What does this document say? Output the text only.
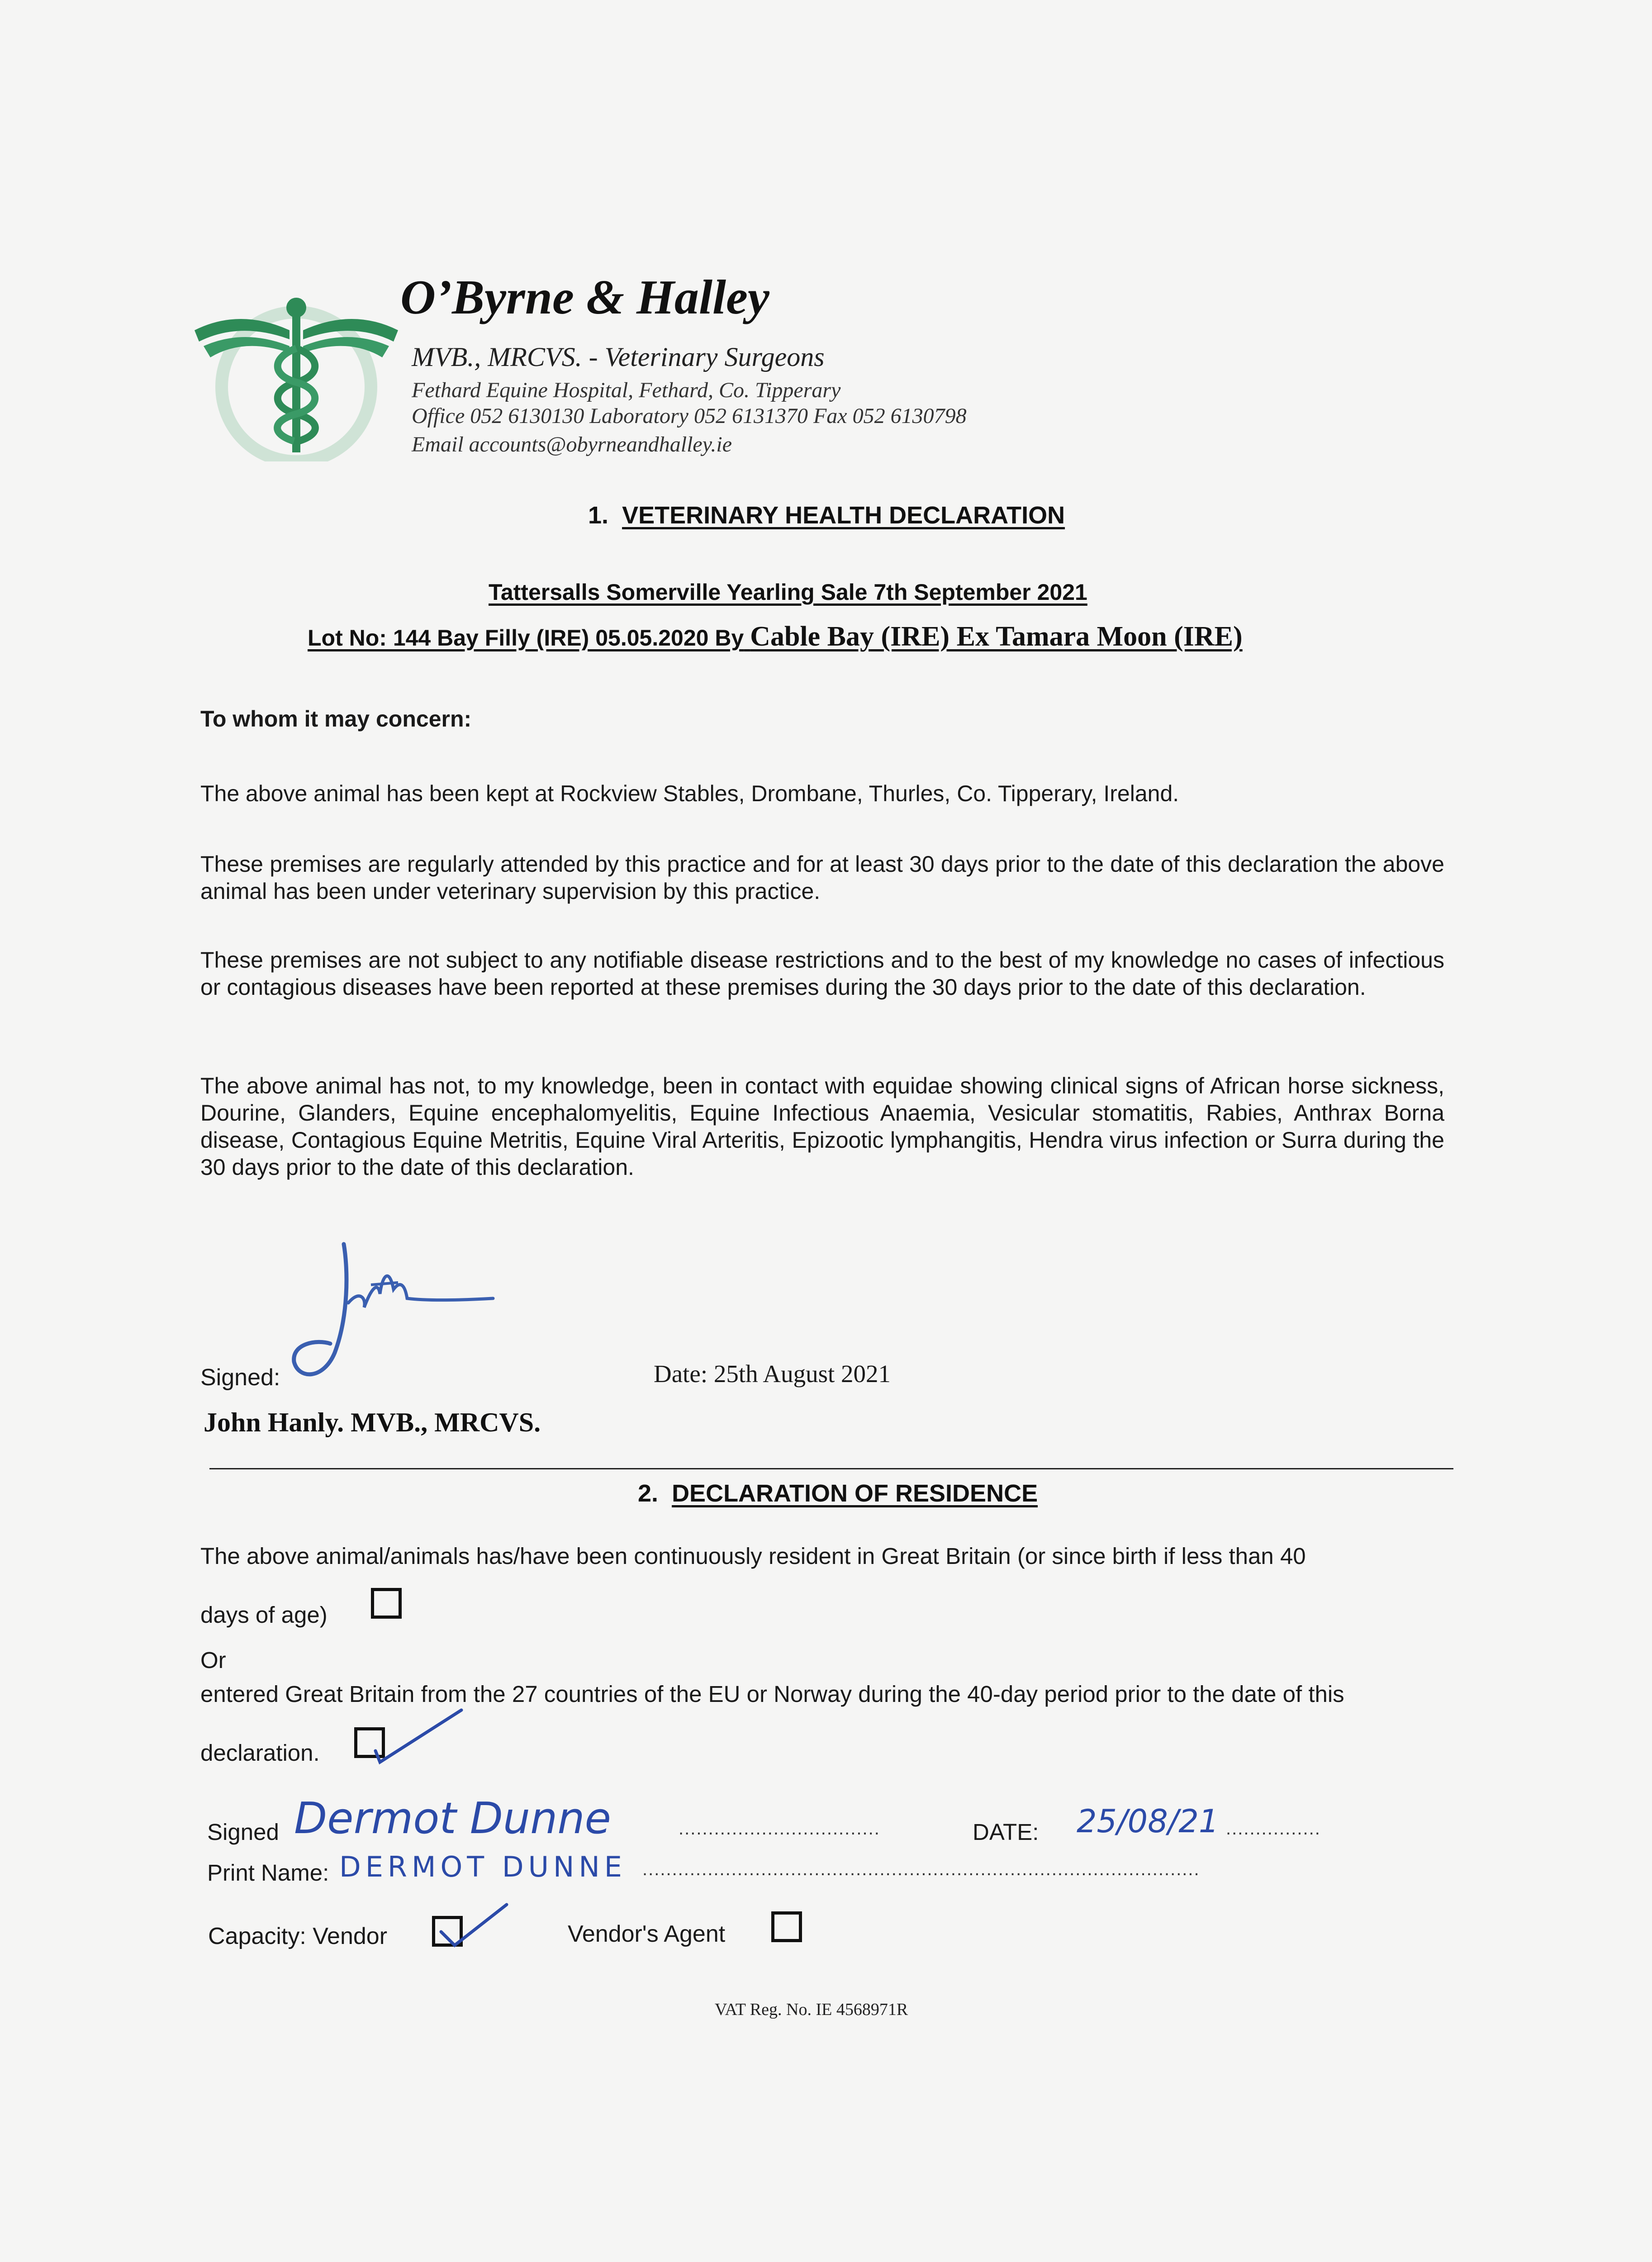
O’Byrne & Halley
MVB., MRCVS. - Veterinary Surgeons
Fethard Equine Hospital, Fethard, Co. Tipperary
Office 052 6130130 Laboratory 052 6131370 Fax 052 6130798
Email accounts@obyrneandhalley.ie
1. VETERINARY HEALTH DECLARATION
Tattersalls Somerville Yearling Sale 7th September 2021
Lot No: 144 Bay Filly (IRE) 05.05.2020 By Cable Bay (IRE) Ex Tamara Moon (IRE)
To whom it may concern:
The above animal has been kept at Rockview Stables, Drombane, Thurles, Co. Tipperary, Ireland.
These premises are regularly attended by this practice and for at least 30 days prior to the date of this declaration the above animal has been under veterinary supervision by this practice.
These premises are not subject to any notifiable disease restrictions and to the best of my knowledge no cases of infectious or contagious diseases have been reported at these premises during the 30 days prior to the date of this declaration.
The above animal has not, to my knowledge, been in contact with equidae showing clinical signs of African horse sickness, Dourine, Glanders, Equine encephalomyelitis, Equine Infectious Anaemia, Vesicular stomatitis, Rabies, Anthrax Borna disease, Contagious Equine Metritis, Equine Viral Arteritis, Epizootic lymphangitis, Hendra virus infection or Surra during the 30 days prior to the date of this declaration.
Signed:	Date: 25th August 2021
John Hanly. MVB., MRCVS.
2. DECLARATION OF RESIDENCE
The above animal/animals has/have been continuously resident in Great Britain (or since birth if less than 40
days of age)
Or
entered Great Britain from the 27 countries of the EU or Norway during the 40-day period prior to the date of this
declaration.
Signed Dermot Dunne	..................................	DATE: 25/08/21 ................
Print Name: DERMOT DUNNE ..............................................................................................
Capacity: Vendor	Vendor's Agent
VAT Reg. No. IE 4568971R
